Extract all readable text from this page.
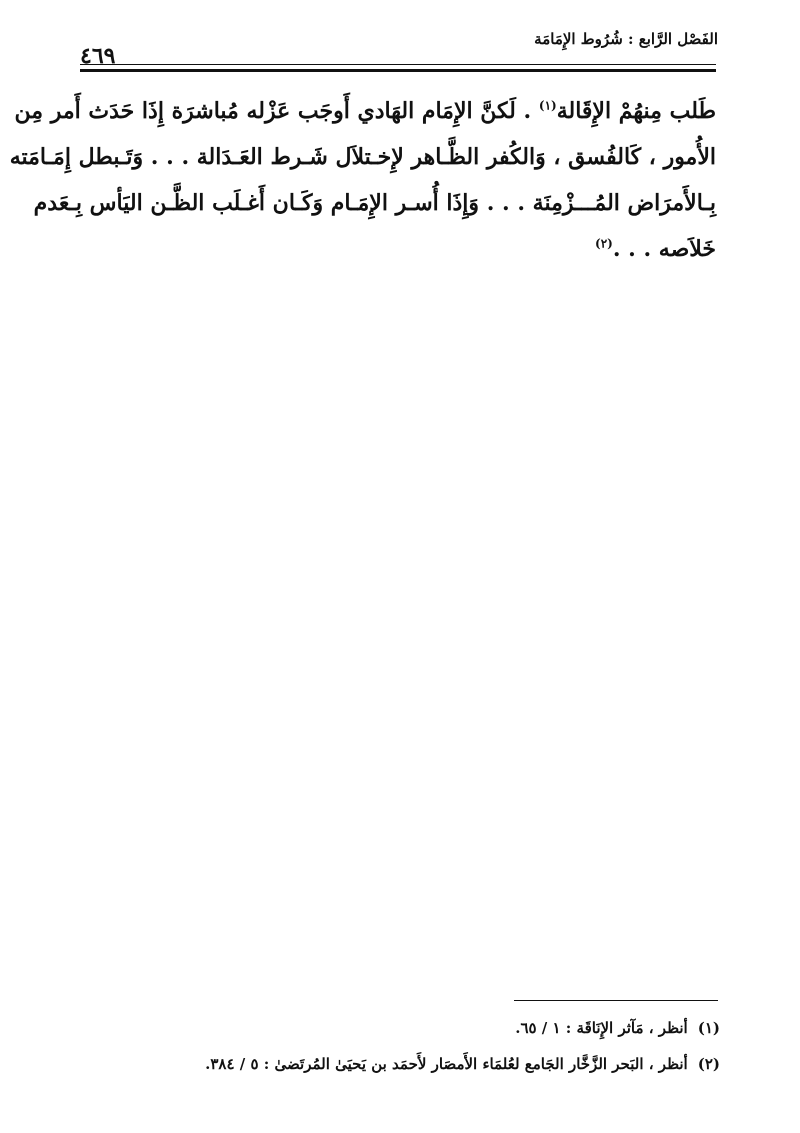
الفَصْل الرَّابع : شُرُوط الإِمَامَة
٤٦٩
طَلب مِنهُمْ الإِقَالة$^{(١)}$ . لَكنَّ الإِمَام الهَادي أَوجَب عَزْله مُباشرَة إِذَا حَدَث أَمر مِن
الأُمور ، كَالفُسق ، وَالكُفر الظَّـاهر لإِخـتلاَل شَـرط العَـدَالة . . . وَتَـبطل إِمَـامَته
بِـالأَمرَاض المُـــزْمِنَة . . . وَإِذَا أُسـر الإِمَـام وَكَـان أَغـلَب الظَّـن اليَأس بِـعَدم
خَلاَصه . . .$^{(٢)}$
(١)أنظر ، مَآثر الإِنَاقَة : ١ / ٦٥.
(٢)أنظر ، البَحر الزَّخَّار الجَامع لعُلمَاء الأَمصَار لأَحمَد بن يَحيَىٰ المُرتَضىٰ : ٥ / ٣٨٤.
